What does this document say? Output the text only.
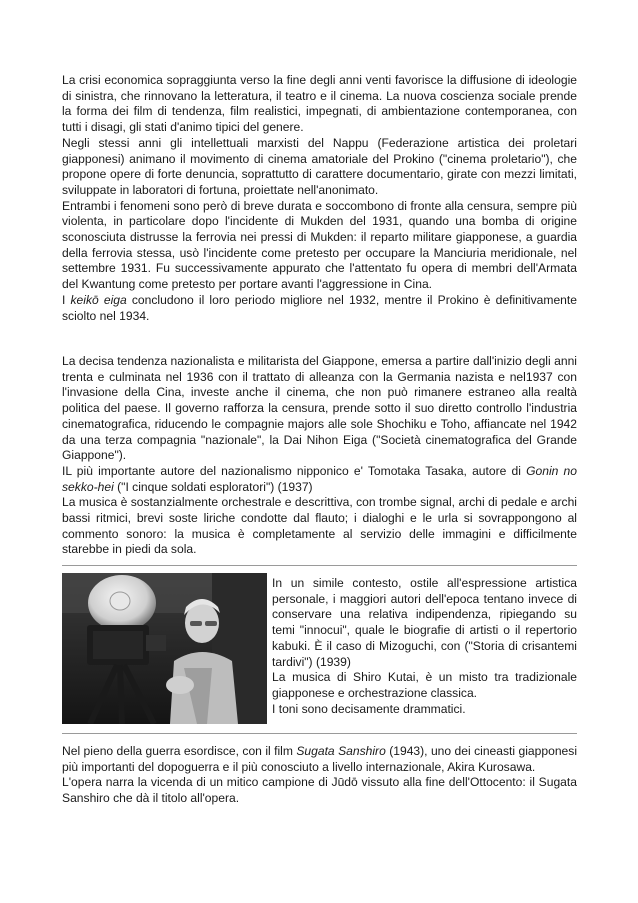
La crisi economica sopraggiunta verso la fine degli anni venti favorisce la diffusione di ideologie di sinistra, che rinnovano la letteratura, il teatro e il cinema. La nuova coscienza sociale prende la forma dei film di tendenza, film realistici, impegnati, di ambientazione contemporanea, con tutti i disagi, gli stati d'animo tipici del genere.

Negli stessi anni gli intellettuali marxisti del Nappu (Federazione artistica dei proletari giapponesi) animano il movimento di cinema amatoriale del Prokino ("cinema proletario"), che propone opere di forte denuncia, soprattutto di carattere documentario, girate con mezzi limitati, sviluppate in laboratori di fortuna, proiettate nell'anonimato.

Entrambi i fenomeni sono però di breve durata e soccombono di fronte alla censura, sempre più violenta, in particolare dopo l'incidente di Mukden del 1931, quando una bomba di origine sconosciuta distrusse la ferrovia nei pressi di Mukden: il reparto militare giapponese, a guardia della ferrovia stessa, usò l'incidente come pretesto per occupare la Manciuria meridionale, nel settembre 1931. Fu successivamente appurato che l'attentato fu opera di membri dell'Armata del Kwantung come pretesto per portare avanti l'aggressione in Cina.

I keikō eiga concludono il loro periodo migliore nel 1932, mentre il Prokino è definitivamente sciolto nel 1934.

La decisa tendenza nazionalista e militarista del Giappone, emersa a partire dall'inizio degli anni trenta e culminata nel 1936 con il trattato di alleanza con la Germania nazista e nel1937 con l'invasione della Cina, investe anche il cinema, che non può rimanere estraneo alla realtà politica del paese. Il governo rafforza la censura, prende sotto il suo diretto controllo l'industria cinematografica, riducendo le compagnie majors alle sole Shochiku e Toho, affiancate nel 1942 da una terza compagnia "nazionale", la Dai Nihon Eiga ("Società cinematografica del Grande Giappone").

IL più importante autore del nazionalismo nipponico e' Tomotaka Tasaka, autore di Gonin no sekko-hei ("I cinque soldati esploratori") (1937)

La musica è sostanzialmente orchestrale e descrittiva, con trombe signal, archi di pedale e archi bassi ritmici, brevi soste liriche condotte dal flauto; i dialoghi e le urla si sovrappongono al commento sonoro: la musica è completamente al servizio delle immagini e difficilmente starebbe in piedi da sola.

In un simile contesto, ostile all'espressione artistica personale, i maggiori autori dell'epoca tentano invece di conservare una relativa indipendenza, ripiegando su temi "innocui", quale le biografie di artisti o il repertorio kabuki. È il caso di Mizoguchi, con ("Storia di crisantemi tardivi") (1939)

La musica di Shiro Kutai, è un misto tra tradizionale giapponese e orchestrazione classica.

I toni sono decisamente drammatici.

Nel pieno della guerra esordisce, con il film Sugata Sanshiro (1943), uno dei cineasti giapponesi più importanti del dopoguerra e il più conosciuto a livello internazionale, Akira Kurosawa.

L'opera narra la vicenda di un mitico campione di Jūdō vissuto alla fine dell'Ottocento: il Sugata Sanshiro che dà il titolo all'opera.
